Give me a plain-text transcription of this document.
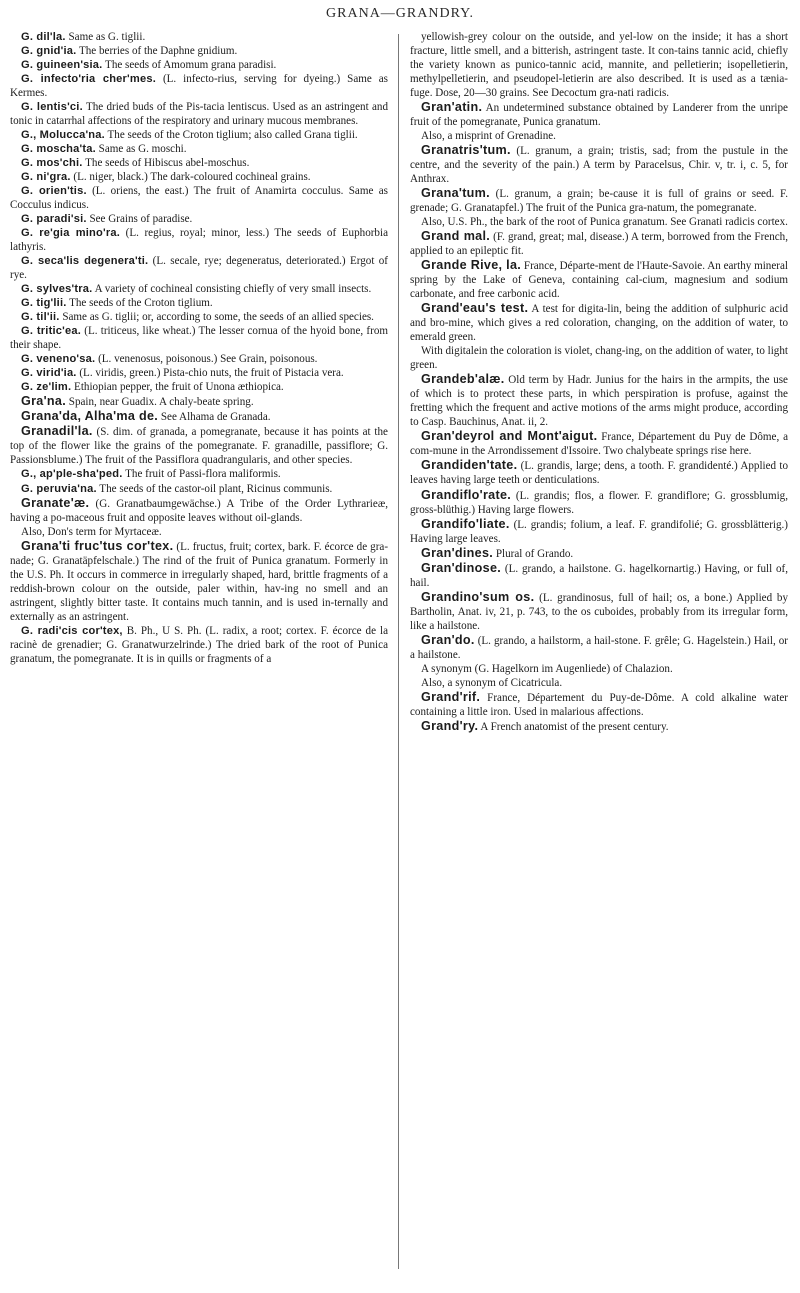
GRANA—GRANDRY.

G. dil'la. Same as G. tiglii.

G. gnid'ia. The berries of the Daphne gnidium.

G. guineen'sia. The seeds of Amomum grana paradisi.

G. infecto'ria cher'mes. (L. infecto-rius, serving for dyeing.) Same as Kermes.

G. lentis'ci. The dried buds of the Pis-tacia lentiscus. Used as an astringent and tonic in catarrhal affections of the respiratory and urinary mucous membranes.

G., Molucca'na. The seeds of the Croton tiglium; also called Grana tiglii.

G. moscha'ta. Same as G. moschi.

G. mos'chi. The seeds of Hibiscus abel-moschus.

G. ni'gra. (L. niger, black.) The dark-coloured cochineal grains.

G. orien'tis. (L. oriens, the east.) The fruit of Anamirta cocculus. Same as Cocculus indicus.

G. paradi'si. See Grains of paradise.

G. re'gia mino'ra. (L. regius, royal; minor, less.) The seeds of Euphorbia lathyris.

G. seca'lis degenera'ti. (L. secale, rye; degeneratus, deteriorated.) Ergot of rye.

G. sylves'tra. A variety of cochineal consisting chiefly of very small insects.

G. tig'lii. The seeds of the Croton tiglium.

G. til'ii. Same as G. tiglii; or, according to some, the seeds of an allied species.

G. tritic'ea. (L. triticeus, like wheat.) The lesser cornua of the hyoid bone, from their shape.

G. veneno'sa. (L. venenosus, poisonous.) See Grain, poisonous.

G. virid'ia. (L. viridis, green.) Pista-chio nuts, the fruit of Pistacia vera.

G. ze'lim. Ethiopian pepper, the fruit of Unona æthiopica.

Gra'na. Spain, near Guadix. A chaly-beate spring.

Grana'da, Alha'ma de. See Alhama de Granada.

Granadil'la. (S. dim. of granada, a pomegranate, because it has points at the top of the flower like the grains of the pomegranate. F. granadille, passiflore; G. Passionsblume.) The fruit of the Passiflora quadrangularis, and other species.

G., ap'ple-sha'ped. The fruit of Passi-flora maliformis.

G. peruvia'na. The seeds of the castor-oil plant, Ricinus communis.

Granate'æ. (G. Granatbaumgewächse.) A Tribe of the Order Lythrarieæ, having a po-maceous fruit and opposite leaves without oil-glands.

Also, Don's term for Myrtaceæ.

Grana'ti fruc'tus cor'tex. (L. fructus, fruit; cortex, bark. F. écorce de gra-nade; G. Granatäpfelschale.) The rind of the fruit of Punica granatum. Formerly in the U.S. Ph. It occurs in commerce in irregularly shaped, hard, brittle fragments of a reddish-brown colour on the outside, paler within, hav-ing no smell and an astringent, slightly bitter taste. It contains much tannin, and is used in-ternally and externally as an astringent.

G. radi'cis cor'tex, B. Ph., U S. Ph. (L. radix, a root; cortex. F. écorce de la racinè de grenadier; G. Granatwurzelrinde.) The dried bark of the root of Punica granatum, the pomegranate. It is in quills or fragments of a

yellowish-grey colour on the outside, and yel-low on the inside; it has a short fracture, little smell, and a bitterish, astringent taste. It con-tains tannic acid, chiefly the variety known as punico-tannic acid, mannite, and pelletierin; isopelletierin, methylpelletierin, and pseudopel-letierin are also described. It is used as a tænia-fuge. Dose, 20—30 grains. See Decoctum gra-nati radicis.

Gran'atin. An undetermined substance obtained by Landerer from the unripe fruit of the pomegranate, Punica granatum.

Also, a misprint of Grenadine.

Granatris'tum. (L. granum, a grain; tristis, sad; from the pustule in the centre, and the severity of the pain.) A term by Paracelsus, Chir. v, tr. i, c. 5, for Anthrax.

Grana'tum. (L. granum, a grain; be-cause it is full of grains or seed. F. grenade; G. Granatapfel.) The fruit of the Punica gra-natum, the pomegranate.

Also, U.S. Ph., the bark of the root of Punica granatum. See Granati radicis cortex.

Grand mal. (F. grand, great; mal, disease.) A term, borrowed from the French, applied to an epileptic fit.

Grande Rive, la. France, Départe-ment de l'Haute-Savoie. An earthy mineral spring by the Lake of Geneva, containing cal-cium, magnesium and sodium carbonate, and free carbonic acid.

Grand'eau's test. A test for digita-lin, being the addition of sulphuric acid and bro-mine, which gives a red coloration, changing, on the addition of water, to emerald green.

With digitalein the coloration is violet, chang-ing, on the addition of water, to light green.

Grandeb'alæ. Old term by Hadr. Junius for the hairs in the armpits, the use of which is to protect these parts, in which perspiration is profuse, against the fretting which the frequent and active motions of the arms might produce, according to Casp. Bauchinus, Anat. ii, 2.

Gran'deyrol and Mont'aigut. France, Département du Puy de Dôme, a com-mune in the Arrondissement d'Issoire. Two chalybeate springs rise here.

Grandiden'tate. (L. grandis, large; dens, a tooth. F. grandidenté.) Applied to leaves having large teeth or denticulations.

Grandiflo'rate. (L. grandis; flos, a flower. F. grandiflore; G. grossblumig, gross-blüthig.) Having large flowers.

Grandifo'liate. (L. grandis; folium, a leaf. F. grandifolié; G. grossblätterig.) Having large leaves.

Gran'dines. Plural of Grando.

Gran'dinose. (L. grando, a hailstone. G. hagelkornartig.) Having, or full of, hail.

Grandino'sum os. (L. grandinosus, full of hail; os, a bone.) Applied by Bartholin, Anat. iv, 21, p. 743, to the os cuboides, probably from its irregular form, like a hailstone.

Gran'do. (L. grando, a hailstorm, a hail-stone. F. grêle; G. Hagelstein.) Hail, or a hailstone.

A synonym (G. Hagelkorn im Augenliede) of Chalazion.

Also, a synonym of Cicatricula.

Grand'rif. France, Département du Puy-de-Dôme. A cold alkaline water containing a little iron. Used in malarious affections.

Grand'ry. A French anatomist of the present century.
